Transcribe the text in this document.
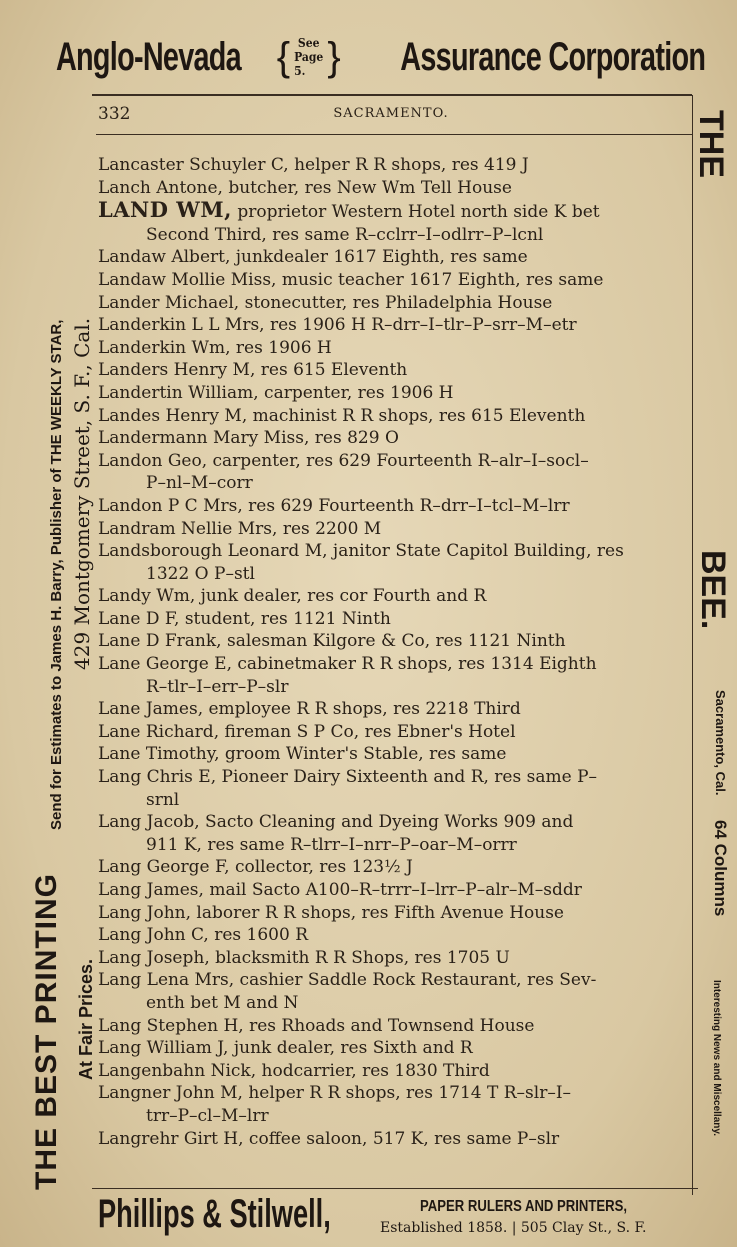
Anglo-Nevada { See
Page 5. } Assurance Corporation
332	SACRAMENTO.
THE BEST PRINTING
Send for Estimates to James H. Barry, Publisher of THE WEEKLY STAR,
At Fair Prices.
429 Montgomery Street, S. F., Cal.
Lancaster Schuyler C, helper R R shops, res 419 J
Lanch Antone, butcher, res New Wm Tell House
LAND WM, proprietor Western Hotel north side K bet
Second Third, res same R–cclrr–I–odlrr–P–lcnl
Landaw Albert, junkdealer 1617 Eighth, res same
Landaw Mollie Miss, music teacher 1617 Eighth, res same
Lander Michael, stonecutter, res Philadelphia House
Landerkin L L Mrs, res 1906 H R–drr–I–tlr–P–srr–M–etr
Landerkin Wm, res 1906 H
Landers Henry M, res 615 Eleventh
Landertin William, carpenter, res 1906 H
Landes Henry M, machinist R R shops, res 615 Eleventh
Landermann Mary Miss, res 829 O
Landon Geo, carpenter, res 629 Fourteenth R–alr–I–socl–
P–nl–M–corr
Landon P C Mrs, res 629 Fourteenth R–drr–I–tcl–M–lrr
Landram Nellie Mrs, res 2200 M
Landsborough Leonard M, janitor State Capitol Building, res
1322 O P–stl
Landy Wm, junk dealer, res cor Fourth and R
Lane D F, student, res 1121 Ninth
Lane D Frank, salesman Kilgore & Co, res 1121 Ninth
Lane George E, cabinetmaker R R shops, res 1314 Eighth
R–tlr–I–err–P–slr
Lane James, employee R R shops, res 2218 Third
Lane Richard, fireman S P Co, res Ebner's Hotel
Lane Timothy, groom Winter's Stable, res same
Lang Chris E, Pioneer Dairy Sixteenth and R, res same P–
srnl
Lang Jacob, Sacto Cleaning and Dyeing Works 909 and
911 K, res same R–tlrr–I–nrr–P–oar–M–orrr
Lang George F, collector, res 123½ J
Lang James, mail Sacto A100–R–trrr–I–lrr–P–alr–M–sddr
Lang John, laborer R R shops, res Fifth Avenue House
Lang John C, res 1600 R
Lang Joseph, blacksmith R R Shops, res 1705 U
Lang Lena Mrs, cashier Saddle Rock Restaurant, res Sev-
enth bet M and N
Lang Stephen H, res Rhoads and Townsend House
Lang William J, junk dealer, res Sixth and R
Langenbahn Nick, hodcarrier, res 1830 Third
Langner John M, helper R R shops, res 1714 T R–slr–I–
trr–P–cl–M–lrr
Langrehr Girt H, coffee saloon, 517 K, res same P–slr
THE
BEE.
Sacramento, Cal.
64 Columns
Interesting News and Miscellany.
Phillips & Stilwell,	PAPER RULERS AND PRINTERS,
Established 1858. | 505 Clay St., S. F.
